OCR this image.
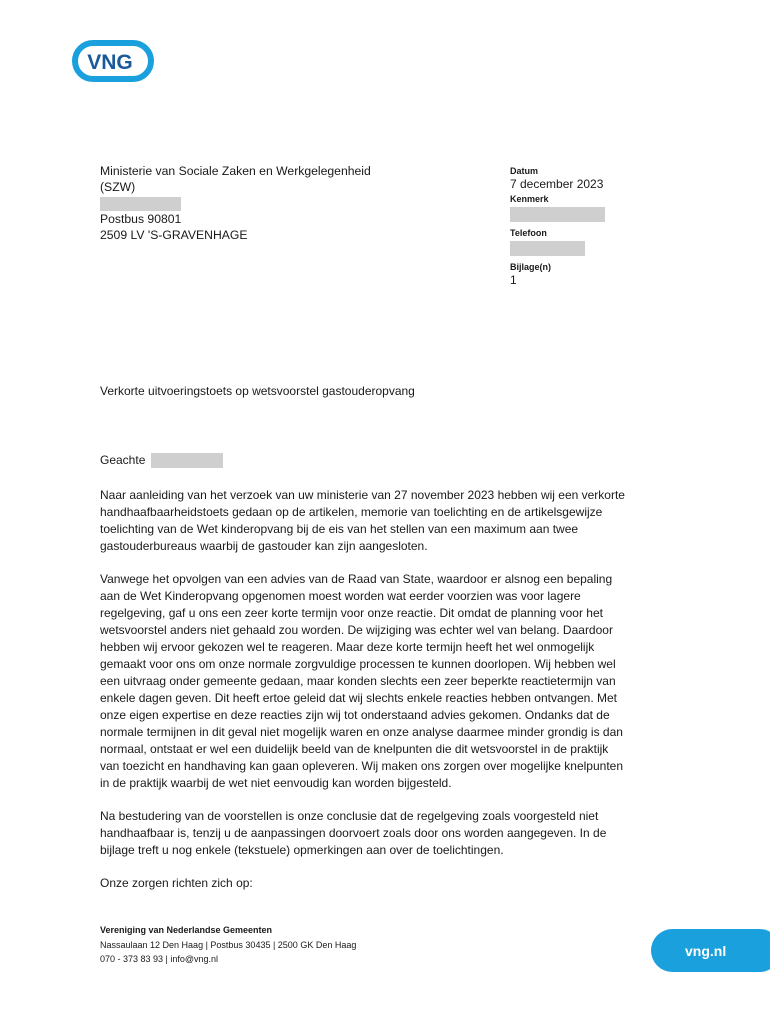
VNG
Ministerie van Sociale Zaken en Werkgelegenheid
(SZW)
Postbus 90801
2509 LV 'S-GRAVENHAGE
Datum
7 december 2023
Kenmerk
Telefoon
Bijlage(n)
1
Verkorte uitvoeringstoets op wetsvoorstel gastouderopvang
Geachte

Naar aanleiding van het verzoek van uw ministerie van 27 november 2023 hebben wij een verkorte
handhaafbaarheidstoets gedaan op de artikelen, memorie van toelichting en de artikelsgewijze
toelichting van de Wet kinderopvang bij de eis van het stellen van een maximum aan twee
gastouderbureaus waarbij de gastouder kan zijn aangesloten.

Vanwege het opvolgen van een advies van de Raad van State, waardoor er alsnog een bepaling
aan de Wet Kinderopvang opgenomen moest worden wat eerder voorzien was voor lagere
regelgeving, gaf u ons een zeer korte termijn voor onze reactie. Dit omdat de planning voor het
wetsvoorstel anders niet gehaald zou worden. De wijziging was echter wel van belang. Daardoor
hebben wij ervoor gekozen wel te reageren. Maar deze korte termijn heeft het wel onmogelijk
gemaakt voor ons om onze normale zorgvuldige processen te kunnen doorlopen. Wij hebben wel
een uitvraag onder gemeente gedaan, maar konden slechts een zeer beperkte reactietermijn van
enkele dagen geven. Dit heeft ertoe geleid dat wij slechts enkele reacties hebben ontvangen. Met
onze eigen expertise en deze reacties zijn wij tot onderstaand advies gekomen. Ondanks dat de
normale termijnen in dit geval niet mogelijk waren en onze analyse daarmee minder grondig is dan
normaal, ontstaat er wel een duidelijk beeld van de knelpunten die dit wetsvoorstel in de praktijk
van toezicht en handhaving kan gaan opleveren. Wij maken ons zorgen over mogelijke knelpunten
in de praktijk waarbij de wet niet eenvoudig kan worden bijgesteld.

Na bestudering van de voorstellen is onze conclusie dat de regelgeving zoals voorgesteld niet
handhaafbaar is, tenzij u de aanpassingen doorvoert zoals door ons worden aangegeven. In de
bijlage treft u nog enkele (tekstuele) opmerkingen aan over de toelichtingen.

Onze zorgen richten zich op:

Vereniging van Nederlandse Gemeenten
Nassaulaan 12 Den Haag | Postbus 30435 | 2500 GK Den Haag
070 - 373 83 93 | info@vng.nl
vng.nl
